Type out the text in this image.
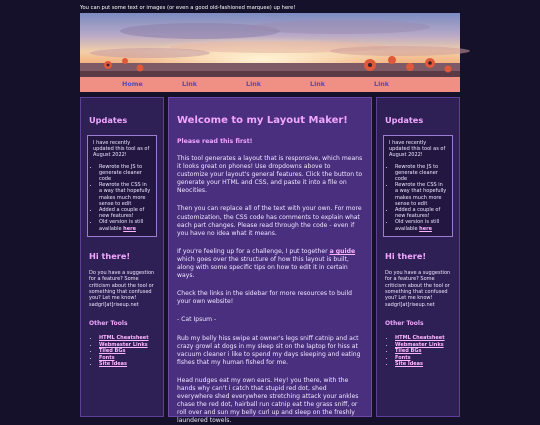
You can put some text or images (or even a good old-fashioned marquee) up here!
Home	Link	Link	Link	Link
Updates
I have recently updated this tool as of August 2022!
• Rewrote the JS to generate cleaner code
• Rewrote the CSS in a way that hopefully makes much more sense to edit
• Added a couple of new features!
• Old version is still available here
Hi there!

Do you have a suggestion for a feature? Some criticism about the tool or something that confused you? Let me know! sadgrl[at]riseup.net

Other Tools
• HTML Cheatsheet
• Webmaster Links
• Tiled BGs
• Fonts
• Site Ideas
Welcome to my Layout Maker!
Please read this first!

This tool generates a layout that is responsive, which means it looks great on phones! Use dropdowns above to customize your layout's general features. Click the button to generate your HTML and CSS, and paste it into a file on Neocities.

Then you can replace all of the text with your own. For more customization, the CSS code has comments to explain what each part changes. Please read through the code - even if you have no idea what it means.

If you're feeling up for a challenge, I put together a guide which goes over the structure of how this layout is built, along with some specific tips on how to edit it in certain ways.

Check the links in the sidebar for more resources to build your own website!

- Cat Ipsum -

Rub my belly hiss swipe at owner's legs sniff catnip and act crazy growl at dogs in my sleep sit on the laptop for hiss at vacuum cleaner i like to spend my days sleeping and eating fishes that my human fished for me.

Head nudges eat my own ears. Hey! you there, with the hands why can't i catch that stupid red dot, shed everywhere shed everywhere stretching attack your ankles chase the red dot, hairball run catnip eat the grass sniff, or roll over and sun my belly curl up and sleep on the freshly laundered towels.

Updates
I have recently updated this tool as of August 2022!
• Rewrote the JS to generate cleaner code
• Rewrote the CSS in a way that hopefully makes much more sense to edit
• Added a couple of new features!
• Old version is still available here
Hi there!

Do you have a suggestion for a feature? Some criticism about the tool or something that confused you? Let me know! sadgrl[at]riseup.net

Other Tools
• HTML Cheatsheet
• Webmaster Links
• Tiled BGs
• Fonts
• Site Ideas
